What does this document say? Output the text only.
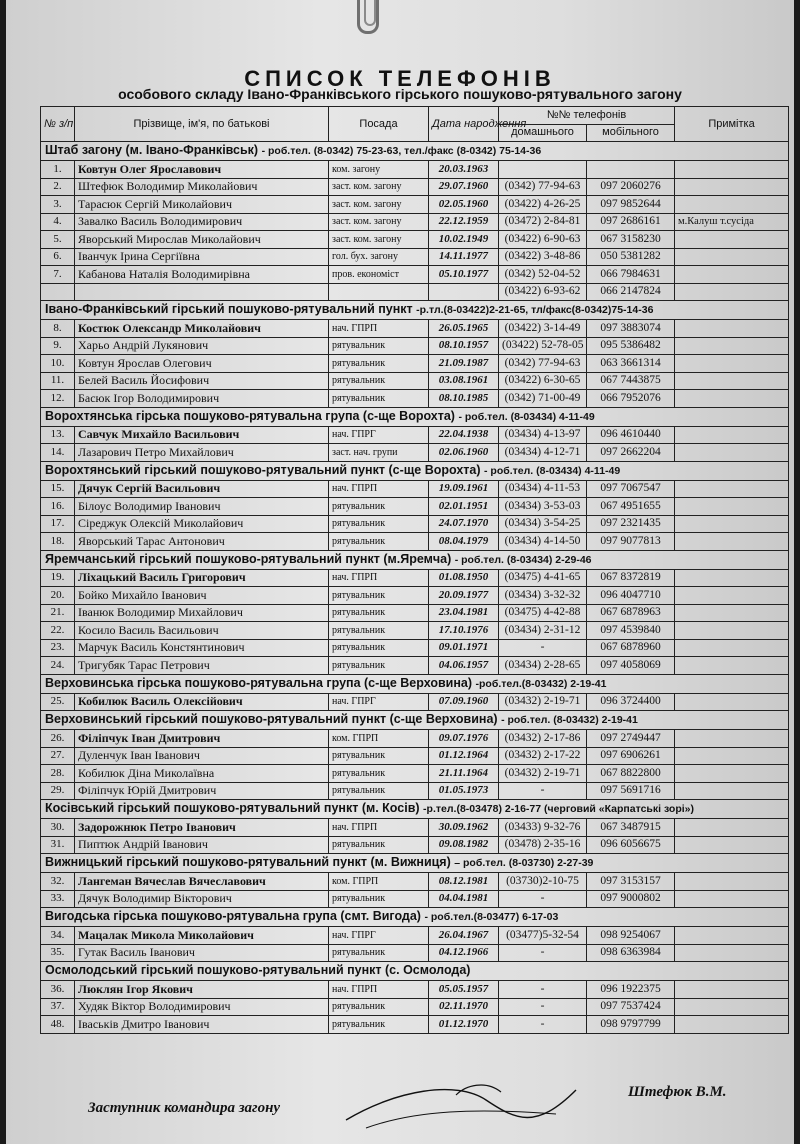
СПИСОК ТЕЛЕФОНІВ
особового складу Івано-Франківського гірського пошуково-рятувального загону
№ з/п	Прізвище, ім'я, по батькові	Посада	Дата народження	№№ телефонів		Примітка
				домашнього	мобільного	
Штаб загону (м. Івано-Франківськ) - роб.тел. (8-0342) 75-23-63, тел./факс (8-0342) 75-14-36						
1.	Ковтун Олег Ярославович	ком. загону	20.03.1963			
2.	Штефюк Володимир Миколайович	заст. ком. загону	29.07.1960	(0342) 77-94-63	097 2060276	
3.	Тарасюк Сергій Миколайович	заст. ком. загону	02.05.1960	(03422) 4-26-25	097 9852644	
4.	Завалко Василь Володимирович	заст. ком. загону	22.12.1959	(03472) 2-84-81	097 2686161	м.Калуш т.сусіда
5.	Яворський Мирослав Миколайович	заст. ком. загону	10.02.1949	(03422) 6-90-63	067 3158230	
6.	Іванчук Ірина Сергіївна	гол. бух. загону	14.11.1977	(03422) 3-48-86	050 5381282	
7.	Кабанова Наталія Володимирівна	пров. економіст	05.10.1977	(0342) 52-04-52	066 7984631	
				(03422) 6-93-62	066 2147824	
Івано-Франківський гірський пошуково-рятувальний пункт -р.тл.(8-03422)2-21-65, тл/факс(8-0342)75-14-36						
8.	Костюк Олександр Миколайович	нач. ГПРП	26.05.1965	(03422) 3-14-49	097 3883074	
9.	Харьо Андрій Лукянович	рятувальник	08.10.1957	(03422) 52-78-05	095 5386482	
10.	Ковтун Ярослав Олегович	рятувальник	21.09.1987	(0342) 77-94-63	063 3661314	
11.	Белей Василь Йосифович	рятувальник	03.08.1961	(03422) 6-30-65	067 7443875	
12.	Басюк Ігор Володимирович	рятувальник	08.10.1985	(0342) 71-00-49	066 7952076	
Ворохтянська гірська пошуково-рятувальна група (с-ще Ворохта) - роб.тел. (8-03434) 4-11-49						
13.	Савчук Михайло Васильович	нач. ГПРГ	22.04.1938	(03434) 4-13-97	096 4610440	
14.	Лазарович Петро Михайлович	заст. нач. групи	02.06.1960	(03434) 4-12-71	097 2662204	
Ворохтянський гірський пошуково-рятувальний пункт (с-ще Ворохта) - роб.тел. (8-03434) 4-11-49						
15.	Дячук Сергій Васильович	нач. ГПРП	19.09.1961	(03434) 4-11-53	097 7067547	
16.	Білоус Володимир Іванович	рятувальник	02.01.1951	(03434) 3-53-03	067 4951655	
17.	Сіреджук Олексій Миколайович	рятувальник	24.07.1970	(03434) 3-54-25	097 2321435	
18.	Яворський Тарас Антонович	рятувальник	08.04.1979	(03434) 4-14-50	097 9077813	
Яремчанський гірський пошуково-рятувальний пункт (м.Яремча) - роб.тел. (8-03434) 2-29-46						
19.	Ліхацький Василь Григорович	нач. ГПРП	01.08.1950	(03475) 4-41-65	067 8372819	
20.	Бойко Михайло Іванович	рятувальник	20.09.1977	(03434) 3-32-32	096 4047710	
21.	Іванюк Володимир Михайлович	рятувальник	23.04.1981	(03475) 4-42-88	067 6878963	
22.	Косило Василь Васильович	рятувальник	17.10.1976	(03434) 2-31-12	097 4539840	
23.	Марчук Василь Констянтинович	рятувальник	09.01.1971	-	067 6878960	
24.	Тригубяк Тарас Петрович	рятувальник	04.06.1957	(03434) 2-28-65	097 4058069	
Верховинська гірська пошуково-рятувальна група (с-ще Верховина) -роб.тел.(8-03432) 2-19-41						
25.	Кобилюк Василь Олексійович	нач. ГПРГ	07.09.1960	(03432) 2-19-71	096 3724400	
Верховинський гірський пошуково-рятувальний пункт (с-ще Верховина) - роб.тел. (8-03432) 2-19-41						
26.	Філіпчук Іван Дмитрович	ком. ГПРП	09.07.1976	(03432) 2-17-86	097 2749447	
27.	Дуленчук Іван Іванович	рятувальник	01.12.1964	(03432) 2-17-22	097 6906261	
28.	Кобилюк Діна Миколаївна	рятувальник	21.11.1964	(03432) 2-19-71	067 8822800	
29.	Філіпчук Юрій Дмитрович	рятувальник	01.05.1973	-	097 5691716	
Косівський гірський пошуково-рятувальний пункт (м. Косів) -р.тел.(8-03478) 2-16-77 (черговий «Карпатські зорі»)						
30.	Задорожнюк Петро Іванович	нач. ГПРП	30.09.1962	(03433) 9-32-76	067 3487915	
31.	Пиптюк Андрій Іванович	рятувальник	09.08.1982	(03478) 2-35-16	096 6056675	
Вижницький гірський пошуково-рятувальний пункт (м. Вижниця) – роб.тел. (8-03730) 2-27-39						
32.	Лангеман Вячеслав Вячеславович	ком. ГПРП	08.12.1981	(03730)2-10-75	097 3153157	
33.	Дячук Володимир Вікторович	рятувальник	04.04.1981	-	097 9000802	
Вигодська гірська пошуково-рятувальна група (смт. Вигода) - роб.тел.(8-03477) 6-17-03						
34.	Мацалак Микола Миколайович	нач. ГПРГ	26.04.1967	(03477)5-32-54	098 9254067	
35.	Гутак Василь Іванович	рятувальник	04.12.1966	-	098 6363984	
Осмолодський гірський пошуково-рятувальний пункт (с. Осмолода)						
36.	Люклян Ігор Якович	нач. ГПРП	05.05.1957	-	096 1922375	
37.	Худяк Віктор Володимирович	рятувальник	02.11.1970	-	097 7537424	
48.	Іваськів Дмитро Іванович	рятувальник	01.12.1970	-	098 9797799	
Заступник командира загону
Штефюк В.М.
